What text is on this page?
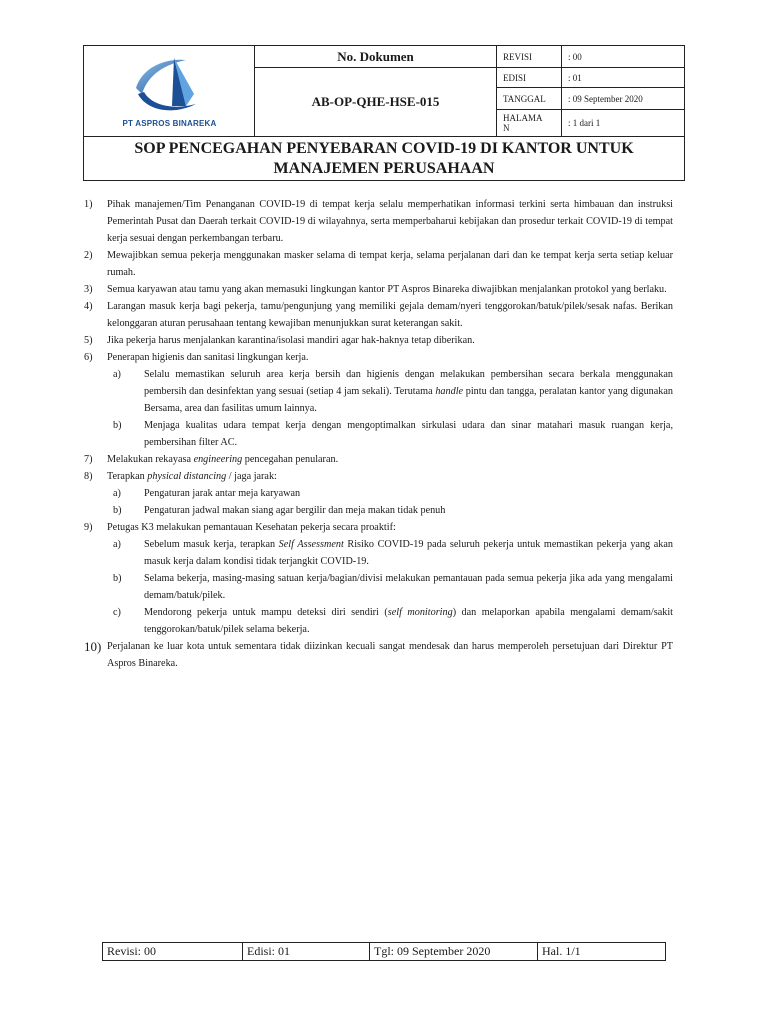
PT ASPROS BINAREKA
No. Dokumen
AB-OP-QHE-HSE-015
REVISI	: 00
EDISI	: 01
TANGGAL	: 09 September 2020
HALAMA
N	: 1 dari 1
SOP PENCEGAHAN PENYEBARAN COVID-19 DI KANTOR UNTUK
MANAJEMEN PERUSAHAAN
1) Pihak manajemen/Tim Penanganan COVID-19 di tempat kerja selalu memperhatikan informasi terkini serta himbauan dan instruksi Pemerintah Pusat dan Daerah terkait COVID-19 di wilayahnya, serta memperbaharui kebijakan dan prosedur terkait COVID-19 di tempat kerja sesuai dengan perkembangan terbaru.
2) Mewajibkan semua pekerja menggunakan masker selama di tempat kerja, selama perjalanan dari dan ke tempat kerja serta setiap keluar rumah.
3) Semua karyawan atau tamu yang akan memasuki lingkungan kantor PT Aspros Binareka diwajibkan menjalankan protokol yang berlaku.
4) Larangan masuk kerja bagi pekerja, tamu/pengunjung yang memiliki gejala demam/nyeri tenggorokan/batuk/pilek/sesak nafas. Berikan kelonggaran aturan perusahaan tentang kewajiban menunjukkan surat keterangan sakit.
5) Jika pekerja harus menjalankan karantina/isolasi mandiri agar hak-haknya tetap diberikan.
6) Penerapan higienis dan sanitasi lingkungan kerja.
a) Selalu memastikan seluruh area kerja bersih dan higienis dengan melakukan pembersihan secara berkala menggunakan pembersih dan desinfektan yang sesuai (setiap 4 jam sekali). Terutama handle pintu dan tangga, peralatan kantor yang digunakan Bersama, area dan fasilitas umum lainnya.
b) Menjaga kualitas udara tempat kerja dengan mengoptimalkan sirkulasi udara dan sinar matahari masuk ruangan kerja, pembersihan filter AC.
7) Melakukan rekayasa engineering pencegahan penularan.
8) Terapkan physical distancing / jaga jarak:
a) Pengaturan jarak antar meja karyawan
b) Pengaturan jadwal makan siang agar bergilir dan meja makan tidak penuh
9) Petugas K3 melakukan pemantauan Kesehatan pekerja secara proaktif:
a) Sebelum masuk kerja, terapkan Self Assessment Risiko COVID-19 pada seluruh pekerja untuk memastikan pekerja yang akan masuk kerja dalam kondisi tidak terjangkit COVID-19.
b) Selama bekerja, masing-masing satuan kerja/bagian/divisi melakukan pemantauan pada semua pekerja jika ada yang mengalami demam/batuk/pilek.
c) Mendorong pekerja untuk mampu deteksi diri sendiri (self monitoring) dan melaporkan apabila mengalami demam/sakit tenggorokan/batuk/pilek selama bekerja.
10) Perjalanan ke luar kota untuk sementara tidak diizinkan kecuali sangat mendesak dan harus memperoleh persetujuan dari Direktur PT Aspros Binareka.
Revisi: 00	Edisi: 01	Tgl: 09 September 2020	Hal. 1/1
